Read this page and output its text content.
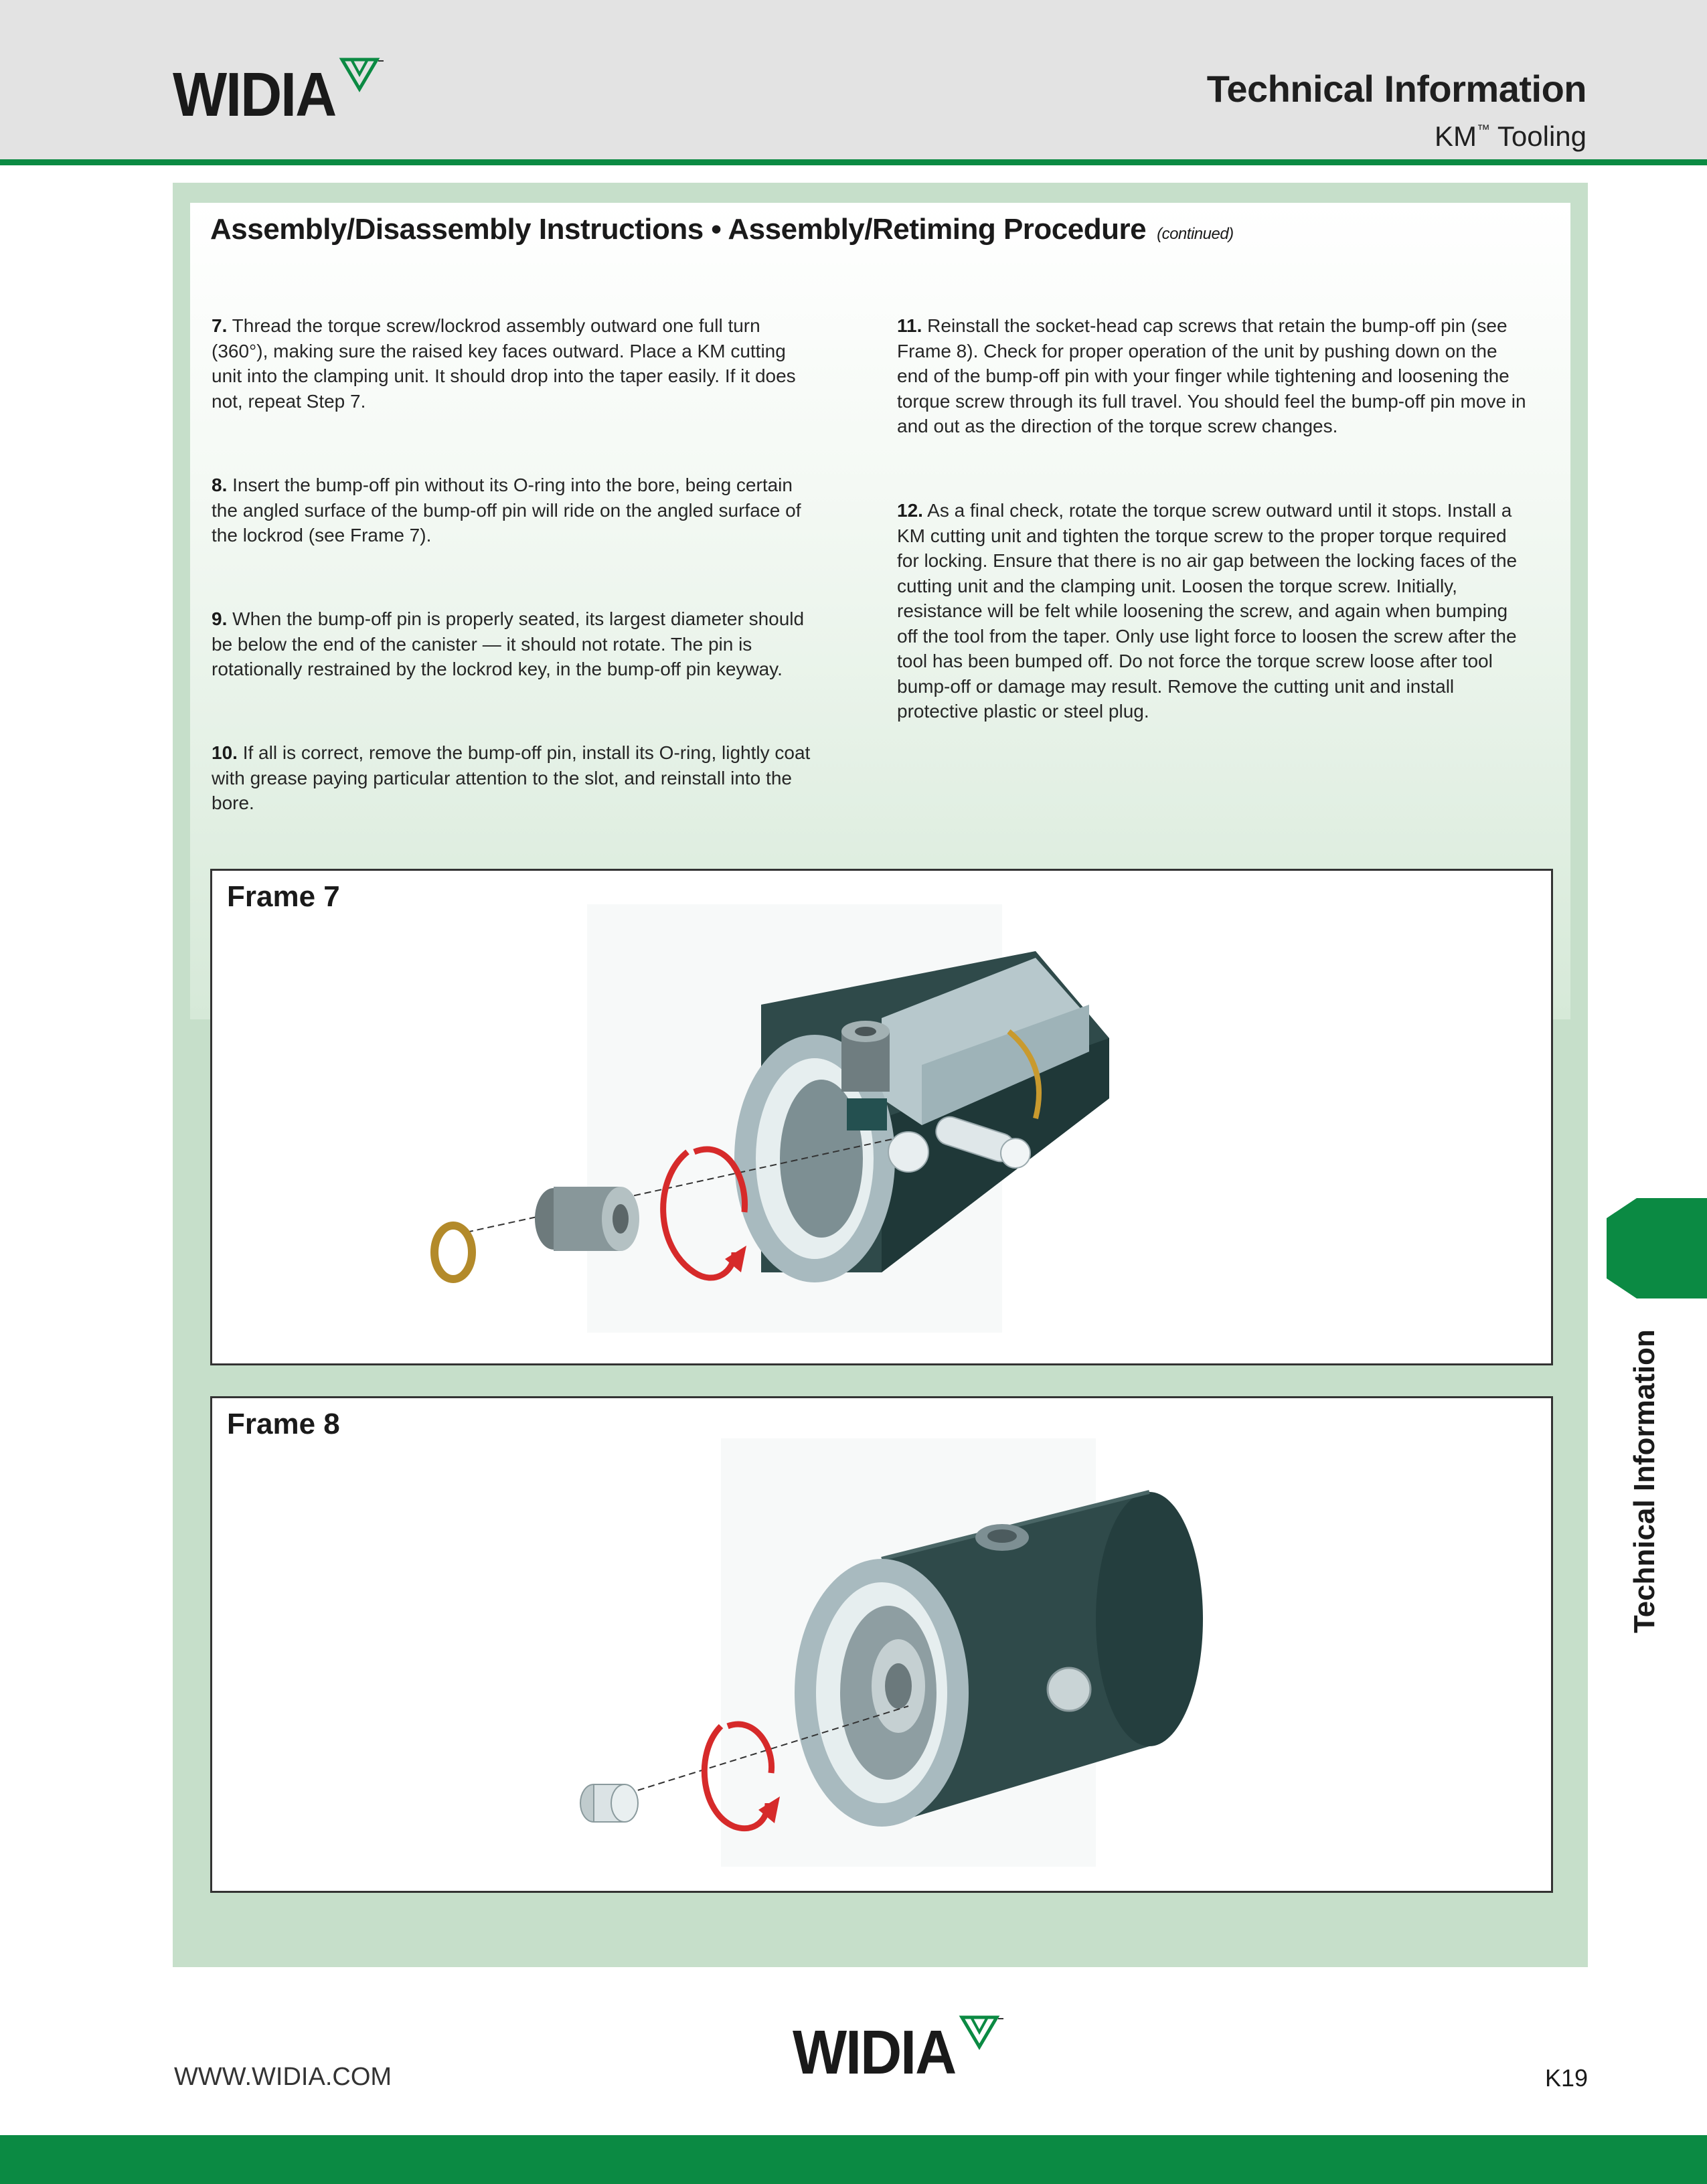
WIDIA	Technical Information
KM™ Tooling
Assembly/Disassembly Instructions • Assembly/Retiming Procedure (continued)
7. Thread the torque screw/lockrod assembly outward one full turn (360°), making sure the raised key faces outward. Place a KM cutting unit into the clamping unit. It should drop into the taper easily. If it does not, repeat Step 7.
8. Insert the bump-off pin without its O-ring into the bore, being certain the angled surface of the bump-off pin will ride on the angled surface of the lockrod (see Frame 7).
9. When the bump-off pin is properly seated, its largest diameter should be below the end of the canister — it should not rotate. The pin is rotationally restrained by the lockrod key, in the bump-off pin keyway.
10. If all is correct, remove the bump-off pin, install its O-ring, lightly coat with grease paying particular attention to the slot, and reinstall into the bore.
11. Reinstall the socket-head cap screws that retain the bump-off pin (see Frame 8). Check for proper operation of the unit by pushing down on the end of the bump-off pin with your finger while tightening and loosening the torque screw through its full travel. You should feel the bump-off pin move in and out as the direction of the torque screw changes.
12. As a final check, rotate the torque screw outward until it stops. Install a KM cutting unit and tighten the torque screw to the proper torque required for locking. Ensure that there is no air gap between the locking faces of the cutting unit and the clamping unit. Loosen the torque screw. Initially, resistance will be felt while loosening the screw, and again when bumping off the tool from the taper. Only use light force to loosen the screw after the tool has been bumped off. Do not force the torque screw loose after tool bump-off or damage may result. Remove the cutting unit and install protective plastic or steel plug.
Frame 7
Frame 8	Technical Information
WWW.WIDIA.COM	WIDIA	K19
